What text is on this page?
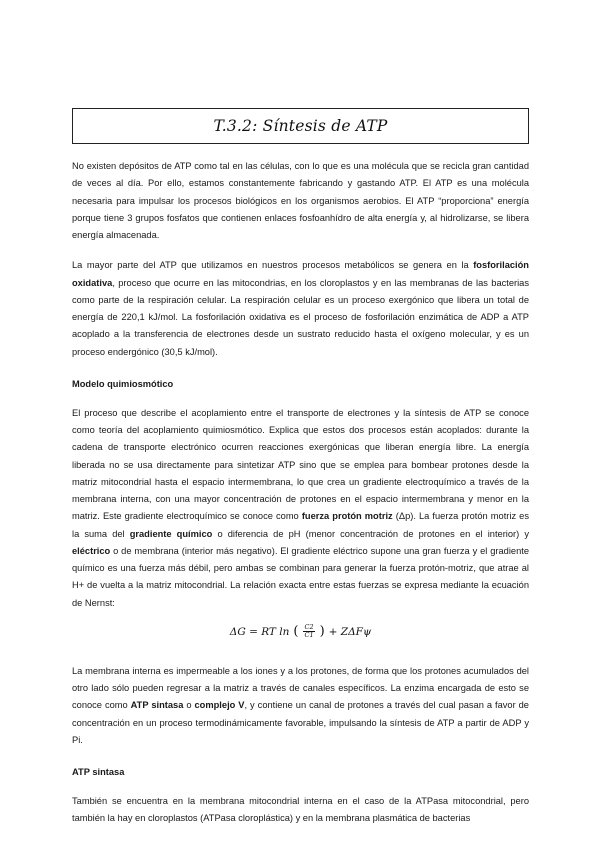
T.3.2: Síntesis de ATP

No existen depósitos de ATP como tal en las células, con lo que es una molécula que se recicla gran cantidad de veces al día. Por ello, estamos constantemente fabricando y gastando ATP. El ATP es una molécula necesaria para impulsar los procesos biológicos en los organismos aerobios. El ATP “proporciona” energía porque tiene 3 grupos fosfatos que contienen enlaces fosfoanhídro de alta energía y, al hidrolizarse, se libera energía almacenada.

La mayor parte del ATP que utilizamos en nuestros procesos metabólicos se genera en la fosforilación oxidativa, proceso que ocurre en las mitocondrias, en los cloroplastos y en las membranas de las bacterias como parte de la respiración celular. La respiración celular es un proceso exergónico que libera un total de energía de 220,1 kJ/mol. La fosforilación oxidativa es el proceso de fosforilación enzimática de ADP a ATP acoplado a la transferencia de electrones desde un sustrato reducido hasta el oxígeno molecular, y es un proceso endergónico (30,5 kJ/mol).

Modelo quimiosmótico

El proceso que describe el acoplamiento entre el transporte de electrones y la síntesis de ATP se conoce como teoría del acoplamiento quimiosmótico. Explica que estos dos procesos están acoplados: durante la cadena de transporte electrónico ocurren reacciones exergónicas que liberan energía libre. La energía liberada no se usa directamente para sintetizar ATP sino que se emplea para bombear protones desde la matriz mitocondrial hasta el espacio intermembrana, lo que crea un gradiente electroquímico a través de la membrana interna, con una mayor concentración de protones en el espacio intermembrana y menor en la matriz. Este gradiente electroquímico se conoce como fuerza protón motriz (Δp). La fuerza protón motriz es la suma del gradiente químico o diferencia de pH (menor concentración de protones en el interior) y eléctrico o de membrana (interior más negativo). El gradiente eléctrico supone una gran fuerza y el gradiente químico es una fuerza más débil, pero ambas se combinan para generar la fuerza protón-motriz, que atrae al H+ de vuelta a la matriz mitocondrial. La relación exacta entre estas fuerzas se expresa mediante la ecuación de Nernst:

ΔG = RT ln ( $\frac{C2}{C1}$ ) + ZΔFψ

La membrana interna es impermeable a los iones y a los protones, de forma que los protones acumulados del otro lado sólo pueden regresar a la matriz a través de canales específicos. La enzima encargada de esto se conoce como ATP sintasa o complejo V, y contiene un canal de protones a través del cual pasan a favor de concentración en un proceso termodinámicamente favorable, impulsando la síntesis de ATP a partir de ADP y Pi.

ATP sintasa

También se encuentra en la membrana mitocondrial interna en el caso de la ATPasa mitocondrial, pero también la hay en cloroplastos (ATPasa cloroplástica) y en la membrana plasmática de bacterias
